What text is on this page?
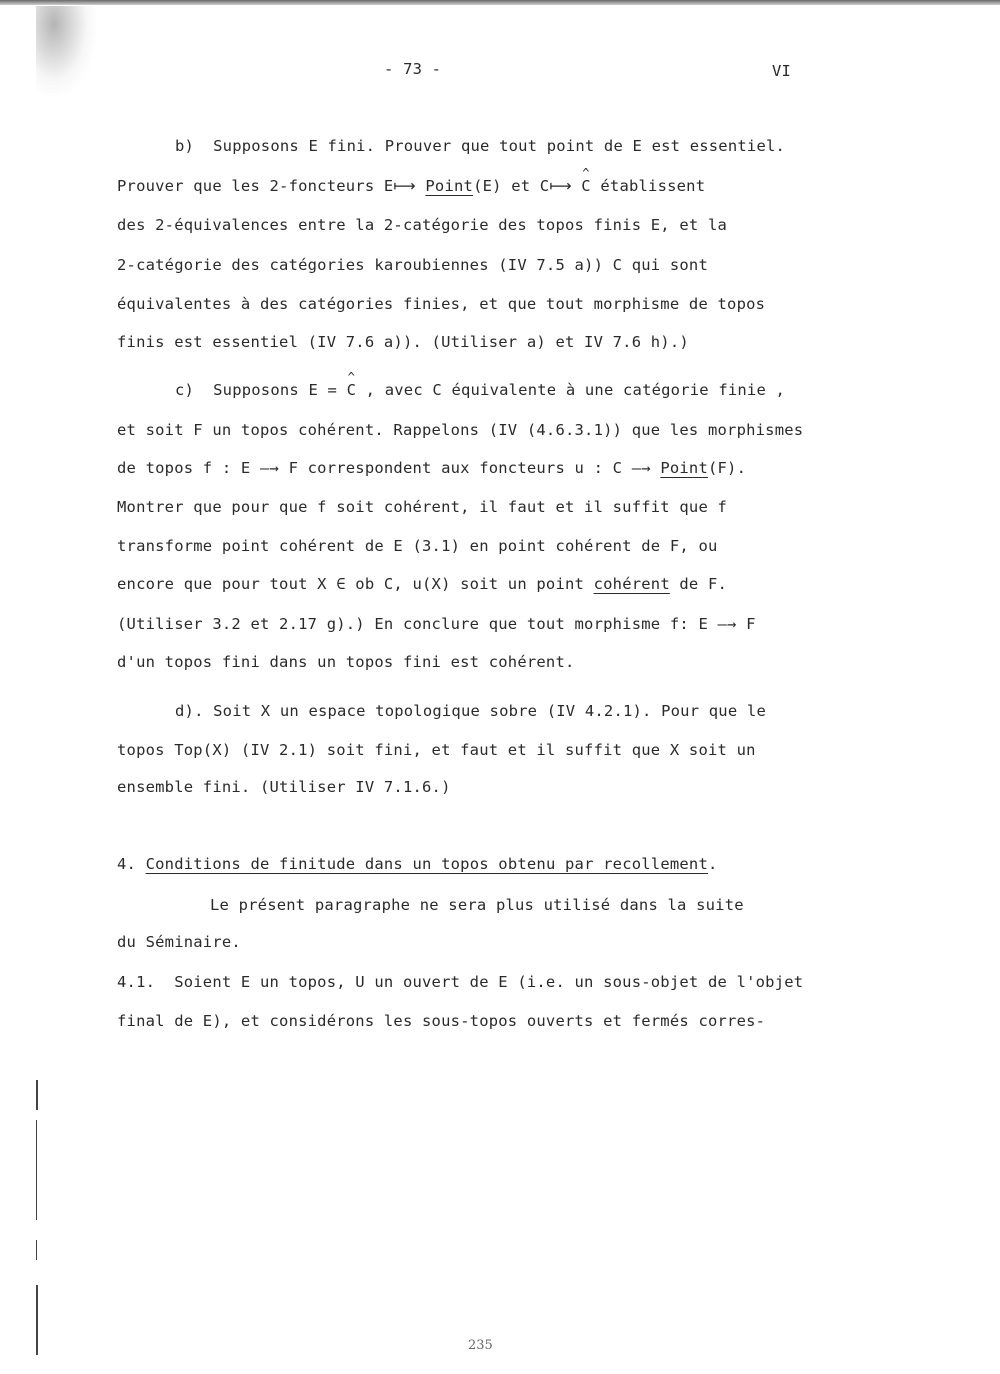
- 73 -	VI
b)  Supposons E fini. Prouver que tout point de E est essentiel.
Prouver que les 2-foncteurs E⟼ Point(E) et C⟼ ^ C établissent
des 2-équivalences entre la 2-catégorie des topos finis E, et la
2-catégorie des catégories karoubiennes (IV 7.5 a)) C qui sont
équivalentes à des catégories finies, et que tout morphisme de topos
finis est essentiel (IV 7.6 a)). (Utiliser a) et IV 7.6 h).)
c)  Supposons E = ^ C , avec C équivalente à une catégorie finie ,
et soit F un topos cohérent. Rappelons (IV (4.6.3.1)) que les morphismes
de topos f : E —→ F correspondent aux foncteurs u : C —→ Point(F).
Montrer que pour que f soit cohérent, il faut et il suffit que f
transforme point cohérent de E (3.1) en point cohérent de F, ou
encore que pour tout X ∈ ob C, u(X) soit un point cohérent de F.
(Utiliser 3.2 et 2.17 g).) En conclure que tout morphisme f: E —→ F
d'un topos fini dans un topos fini est cohérent.
d). Soit X un espace topologique sobre (IV 4.2.1). Pour que le
topos Top(X) (IV 2.1) soit fini, et faut et il suffit que X soit un
ensemble fini. (Utiliser IV 7.1.6.)
4. Conditions de finitude dans un topos obtenu par recollement.
Le présent paragraphe ne sera plus utilisé dans la suite
du Séminaire.
4.1.  Soient E un topos, U un ouvert de E (i.e. un sous-objet de l'objet
final de E), et considérons les sous-topos ouverts et fermés corres-
235
